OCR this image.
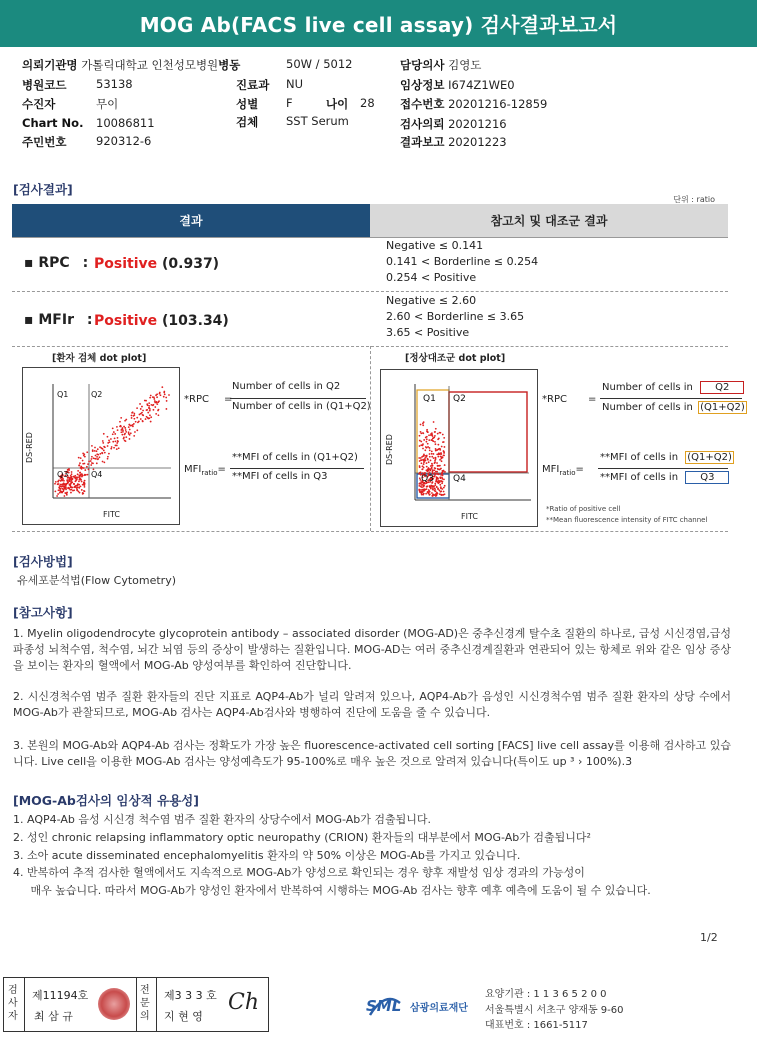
MOG Ab(FACS live cell assay) 검사결과보고서
의뢰기관명 가톨릭대학교 인천성모병원병동	50W / 5012	담당의사 김영도
병원코드	53138	진료과 NU	임상정보 I674Z1WE0
수진자	무이	성별 F	나이 28 접수번호 20201216-12859
Chart No. 10086811	검체 SST Serum	검사의뢰 20201216
주민번호	920312-6	결과보고 20201223
[검사결과]
단위 : ratio
결과	참고치 및 대조군 결과
▪ RPC : Positive (0.937)
Negative ≤ 0.141
0.141 < Borderline ≤ 0.254
0.254 < Positive
▪ MFIr : Positive (103.34)
Negative ≤ 2.60
2.60 < Borderline ≤ 3.65
3.65 < Positive
[환자 검체 dot plot]
Q1	Q2
Q3	Q4
DS-RED
FITC
*RPC =
Number of cells in Q2
Number of cells in (Q1+Q2)
$MFI_{ratio}=$
**MFI of cells in (Q1+Q2)
**MFI of cells in Q3
[정상대조군 dot plot]
Q1 Q2
Q3 Q4
DS-RED
FITC
*RPC =
Number of cells in Q2
Number of cells in (Q1+Q2)
$MFI_{ratio}=$
**MFI of cells in (Q1+Q2)
**MFI of cells in Q3
*Ratio of positive cell
**Mean fluorescence intensity of FITC channel
[검사방법]
유세포분석법(Flow Cytometry)
[참고사항]
1. Myelin oligodendrocyte glycoprotein antibody – associated disorder (MOG-AD)은 중추신경계 탈수초 질환의 하나로, 급성 시신경염,급성파종성 뇌척수염, 척수염, 뇌간 뇌염 등의 증상이 발생하는 질환입니다. MOG-AD는 여러 중추신경계질환과 연관되어 있는 항체로 위와 같은 임상 증상을 보이는 환자의 혈액에서 MOG-Ab 양성여부를 확인하여 진단합니다.
2. 시신경척수염 범주 질환 환자들의 진단 지표로 AQP4-Ab가 널리 알려져 있으나, AQP4-Ab가 음성인 시신경척수염 범주 질환 환자의 상당 수에서 MOG-Ab가 관찰되므로, MOG-Ab 검사는 AQP4-Ab검사와 병행하여 진단에 도움을 줄 수 있습니다.
3. 본원의 MOG-Ab와 AQP4-Ab 검사는 정확도가 가장 높은 fluorescence-activated cell sorting [FACS] live cell assay를 이용해 검사하고 있습니다. Live cell을 이용한 MOG-Ab 검사는 양성예측도가 95-100%로 매우 높은 것으로 알려져 있습니다(특이도 up ³ › 100%).3
[MOG-Ab검사의 임상적 유용성]
1. AQP4-Ab 음성 시신경 척수염 범주 질환 환자의 상당수에서 MOG-Ab가 검출됩니다.
2. 성인 chronic relapsing inflammatory optic neuropathy (CRION) 환자들의 대부분에서 MOG-Ab가 검출됩니다²
3. 소아 acute disseminated encephalomyelitis 환자의 약 50% 이상은 MOG-Ab를 가지고 있습니다.
4. 반복하여 추적 검사한 혈액에서도 지속적으로 MOG-Ab가 양성으로 확인되는 경우 향후 재발성 임상 경과의 가능성이
매우 높습니다. 따라서 MOG-Ab가 양성인 환자에서 반복하여 시행하는 MOG-Ab 검사는 향후 예후 예측에 도움이 될 수 있습니다.
1/2
검사자
제11194호
최 삼 규
전문의
제3 3 3 호
지 현 영
Ch	SML 삼광의료재단
요양기관 : 1 1 3 6 5 2 0 0
서울특별시 서초구 양재동 9-60
대표번호 : 1661-5117
